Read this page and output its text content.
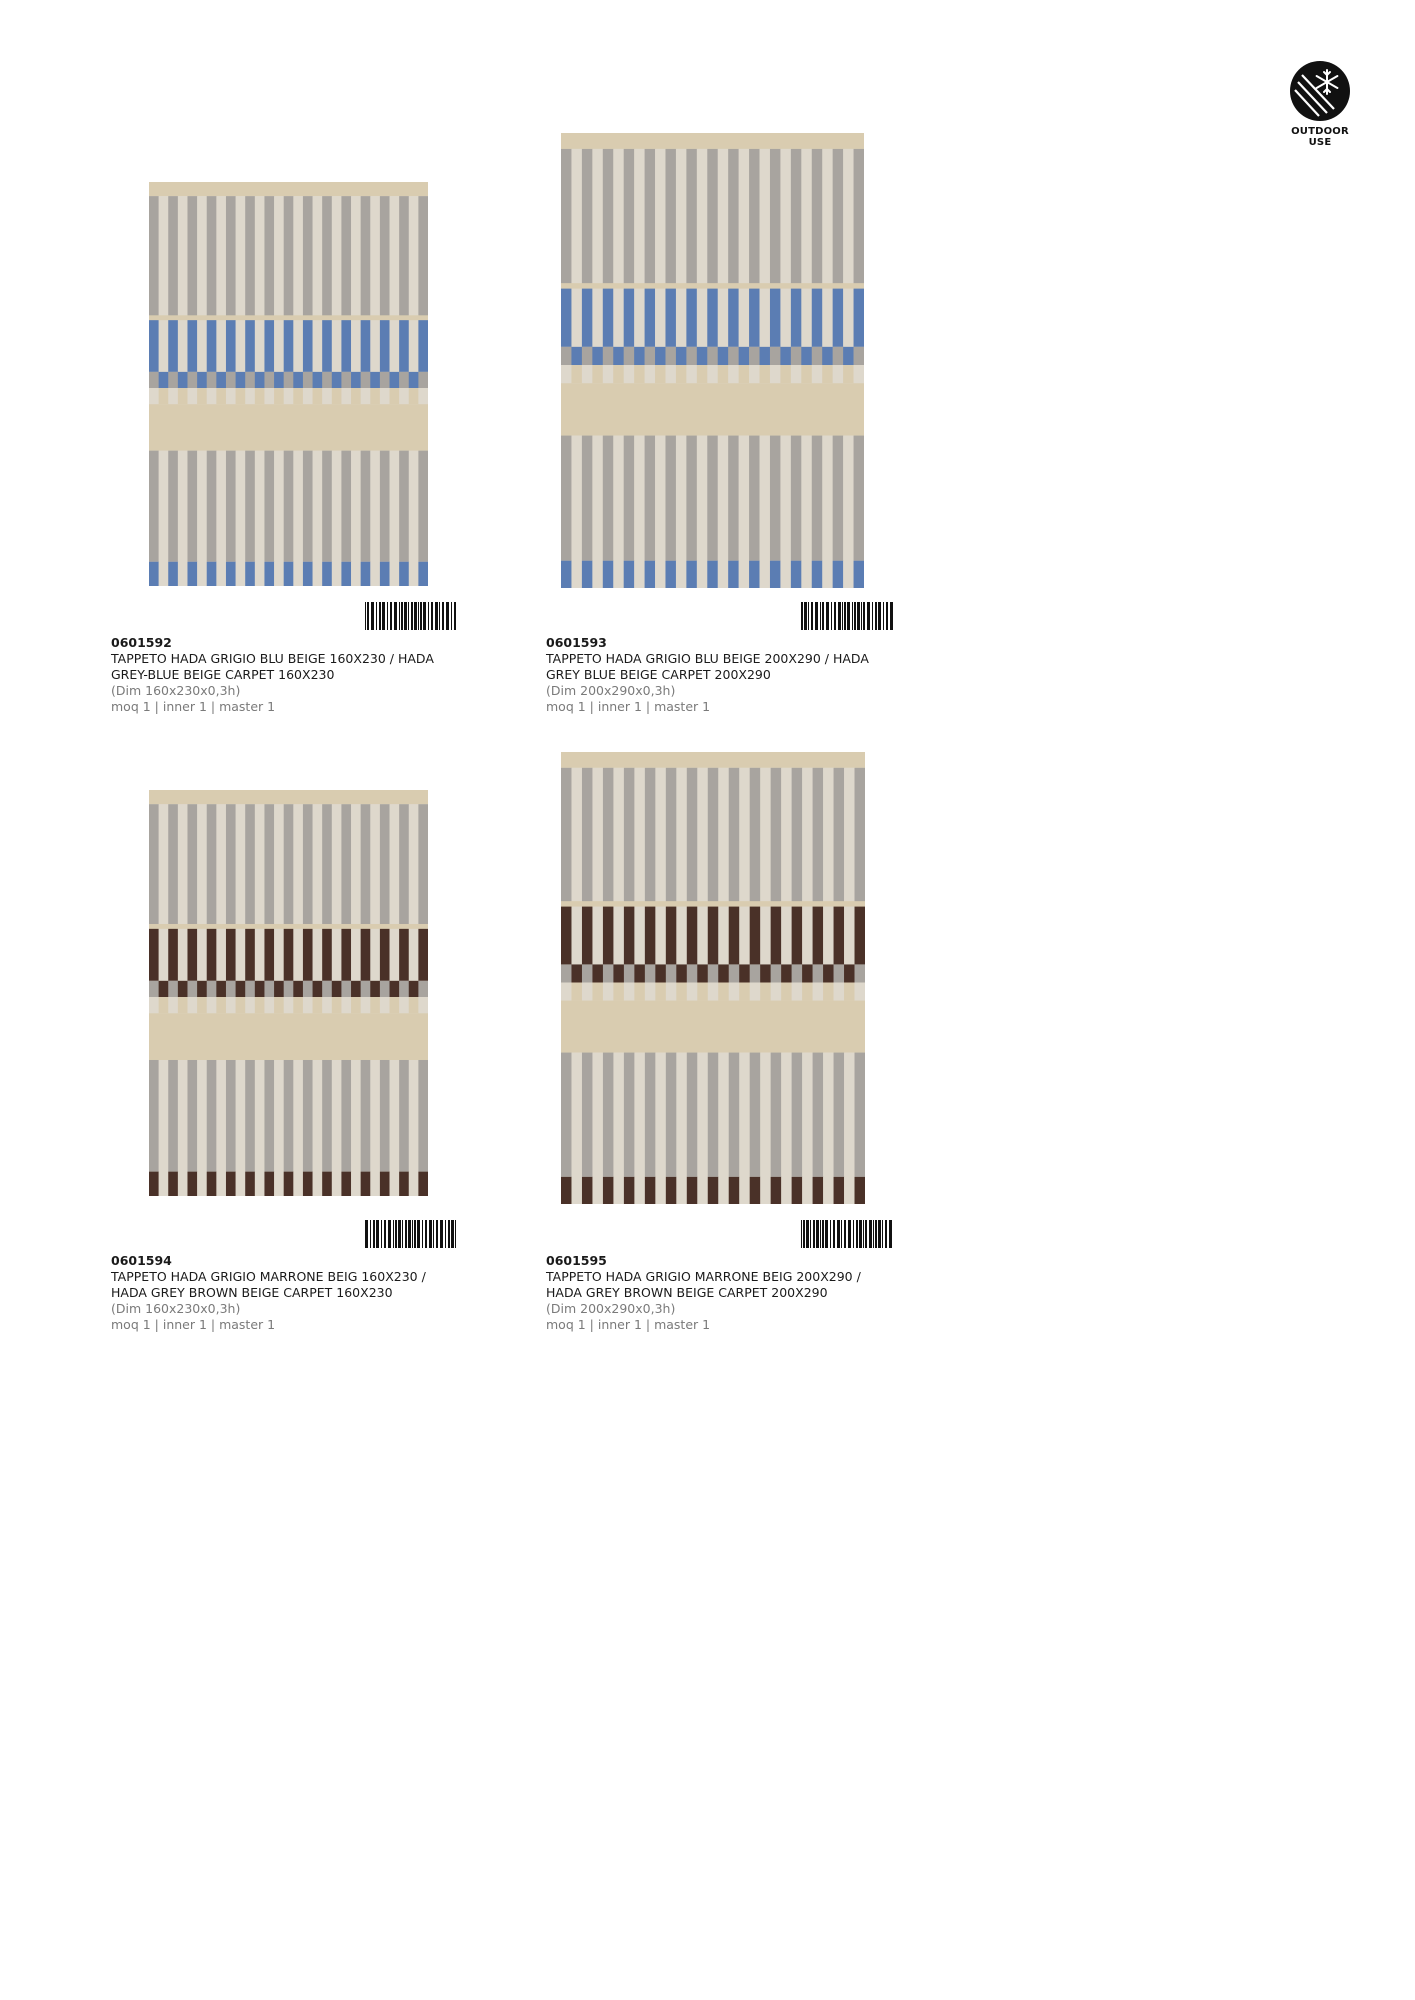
OUTDOOR
USE
0601592
TAPPETO HADA GRIGIO BLU BEIGE 160X230 / HADA
GREY-BLUE BEIGE CARPET 160X230
(Dim 160x230x0,3h)
moq 1 | inner 1 | master 1
0601593
TAPPETO HADA GRIGIO BLU BEIGE 200X290 / HADA
GREY BLUE BEIGE CARPET 200X290
(Dim 200x290x0,3h)
moq 1 | inner 1 | master 1
0601594
TAPPETO HADA GRIGIO MARRONE BEIG 160X230 /
HADA GREY BROWN BEIGE CARPET 160X230
(Dim 160x230x0,3h)
moq 1 | inner 1 | master 1
0601595
TAPPETO HADA GRIGIO MARRONE BEIG 200X290 /
HADA GREY BROWN BEIGE CARPET 200X290
(Dim 200x290x0,3h)
moq 1 | inner 1 | master 1
